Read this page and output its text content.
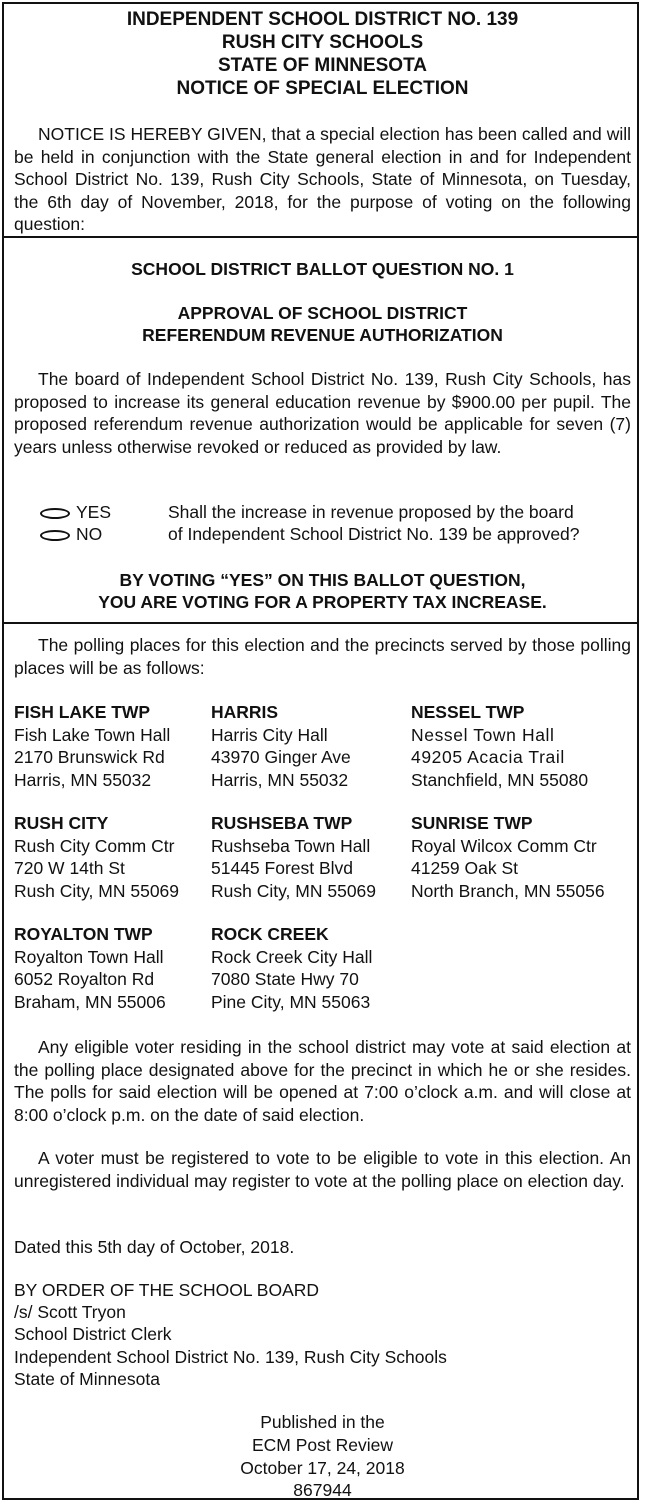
INDEPENDENT SCHOOL DISTRICT NO. 139
RUSH CITY SCHOOLS
STATE OF MINNESOTA
NOTICE OF SPECIAL ELECTION
NOTICE IS HEREBY GIVEN, that a special election has been called and will be held in conjunction with the State general election in and for Independent School District No. 139, Rush City Schools, State of Minnesota, on Tuesday, the 6th day of November, 2018, for the purpose of voting on the following question:
SCHOOL DISTRICT BALLOT QUESTION NO. 1
APPROVAL OF SCHOOL DISTRICT
REFERENDUM REVENUE AUTHORIZATION
The board of Independent School District No. 139, Rush City Schools, has proposed to increase its general education revenue by $900.00 per pupil. The proposed referendum revenue authorization would be applicable for seven (7) years unless otherwise revoked or reduced as provided by law.
YES
NO
Shall the increase in revenue proposed by the board
of Independent School District No. 139 be approved?
BY VOTING “YES” ON THIS BALLOT QUESTION,
YOU ARE VOTING FOR A PROPERTY TAX INCREASE.
The polling places for this election and the precincts served by those polling places will be as follows:
FISH LAKE TWP
Fish Lake Town Hall
2170 Brunswick Rd
Harris, MN 55032
HARRIS
Harris City Hall
43970 Ginger Ave
Harris, MN 55032
NESSEL TWP
Nessel Town Hall
49205 Acacia Trail
Stanchfield, MN 55080
RUSH CITY
Rush City Comm Ctr
720 W 14th St
Rush City, MN 55069
RUSHSEBA TWP
Rushseba Town Hall
51445 Forest Blvd
Rush City, MN 55069
SUNRISE TWP
Royal Wilcox Comm Ctr
41259 Oak St
North Branch, MN 55056
ROYALTON TWP
Royalton Town Hall
6052 Royalton Rd
Braham, MN 55006
ROCK CREEK
Rock Creek City Hall
7080 State Hwy 70
Pine City, MN 55063
Any eligible voter residing in the school district may vote at said election at the polling place designated above for the precinct in which he or she resides. The polls for said election will be opened at 7:00 o’clock a.m. and will close at 8:00 o’clock p.m. on the date of said election.
A voter must be registered to vote to be eligible to vote in this election. An unregistered individual may register to vote at the polling place on election day.
Dated this 5th day of October, 2018.
BY ORDER OF THE SCHOOL BOARD
/s/ Scott Tryon
School District Clerk
Independent School District No. 139, Rush City Schools
State of Minnesota
Published in the
ECM Post Review
October 17, 24, 2018
867944
